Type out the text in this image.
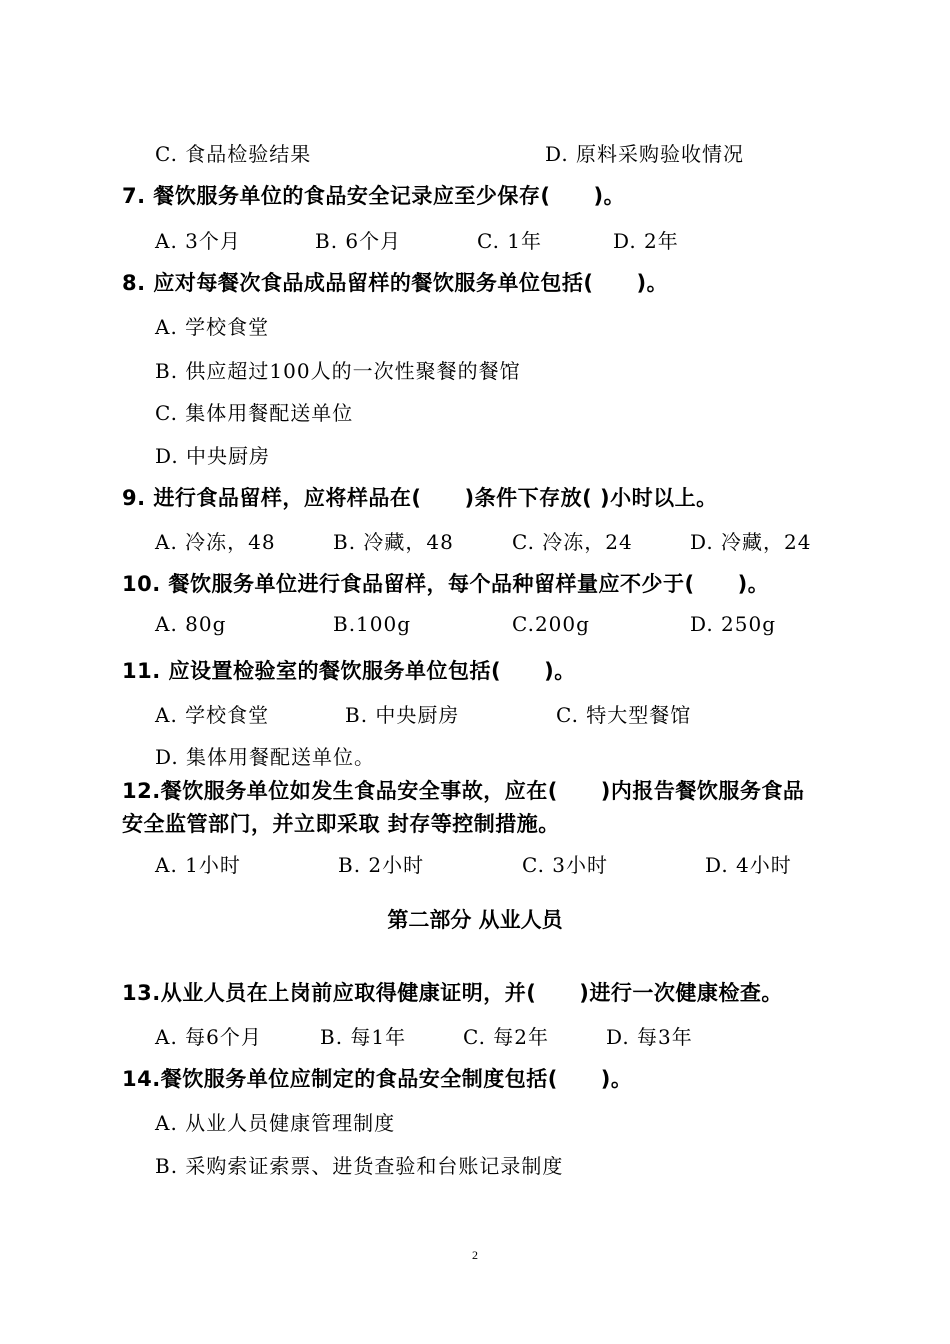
C. 食品检验结果	D. 原料采购验收情况
7. 餐饮服务单位的食品安全记录应至少保存(　　)。
A. 3个月	B. 6个月	C. 1年	D. 2年
8. 应对每餐次食品成品留样的餐饮服务单位包括(　　)。
A. 学校食堂
B. 供应超过100人的一次性聚餐的餐馆
C. 集体用餐配送单位
D. 中央厨房
9. 进行食品留样，应将样品在(　　)条件下存放( )小时以上。
A. 冷冻，48	B. 冷藏，48	C. 冷冻，24	D. 冷藏，24
10. 餐饮服务单位进行食品留样，每个品种留样量应不少于(　　)。
A. 80g	B.100g	C.200g	D. 250g
11. 应设置检验室的餐饮服务单位包括(　　)。
A. 学校食堂	B. 中央厨房	C. 特大型餐馆
D. 集体用餐配送单位。
12.餐饮服务单位如发生食品安全事故，应在(　　)内报告餐饮服务食品
安全监管部门，并立即采取 封存等控制措施。
A. 1小时	B. 2小时	C. 3小时	D. 4小时
第二部分 从业人员
13.从业人员在上岗前应取得健康证明，并(　　)进行一次健康检查。
A. 每6个月	B. 每1年	C. 每2年	D. 每3年
14.餐饮服务单位应制定的食品安全制度包括(　　)。
A. 从业人员健康管理制度
B. 采购索证索票、进货查验和台账记录制度
2
